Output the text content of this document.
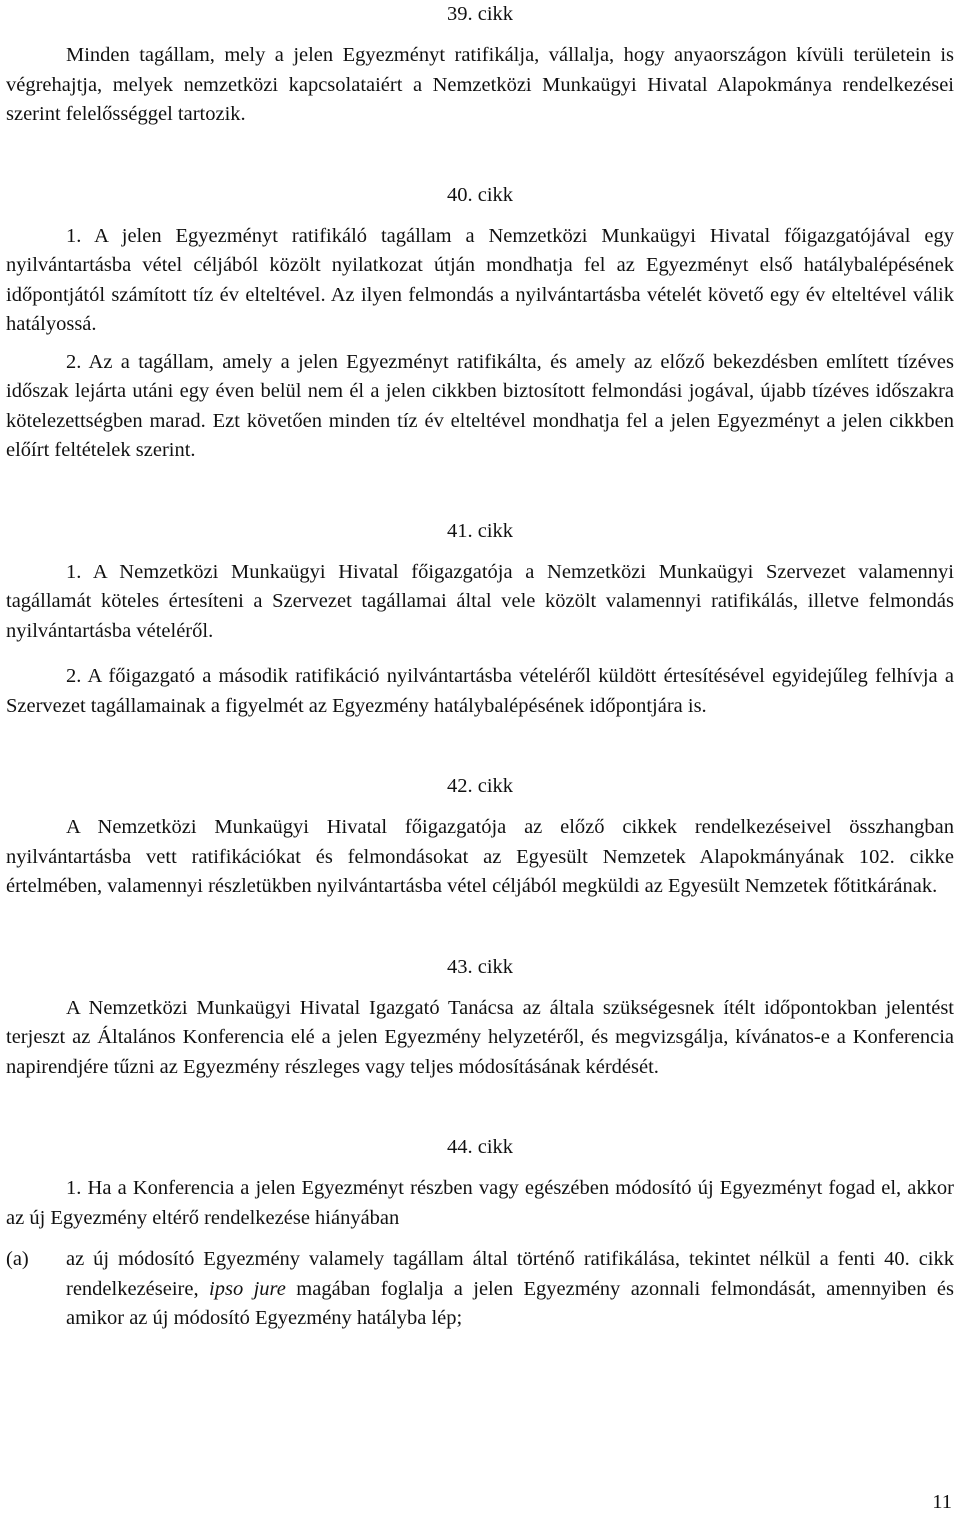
39. cikk

Minden tagállam, mely a jelen Egyezményt ratifikálja, vállalja, hogy anyaországon kívüli területein is végrehajtja, melyek nemzetközi kapcsolataiért a Nemzetközi Munkaügyi Hivatal Alapokmánya rendelkezései szerint felelősséggel tartozik.

40. cikk

1. A jelen Egyezményt ratifikáló tagállam a Nemzetközi Munkaügyi Hivatal főigazgatójával egy nyilvántartásba vétel céljából közölt nyilatkozat útján mondhatja fel az Egyezményt első hatálybalépésének időpontjától számított tíz év elteltével. Az ilyen felmondás a nyilvántartásba vételét követő egy év elteltével válik hatályossá.

2. Az a tagállam, amely a jelen Egyezményt ratifikálta, és amely az előző bekezdésben említett tízéves időszak lejárta utáni egy éven belül nem él a jelen cikkben biztosított felmondási jogával, újabb tízéves időszakra kötelezettségben marad. Ezt követően minden tíz év elteltével mondhatja fel a jelen Egyezményt a jelen cikkben előírt feltételek szerint.

41. cikk

1. A Nemzetközi Munkaügyi Hivatal főigazgatója a Nemzetközi Munkaügyi Szervezet valamennyi tagállamát köteles értesíteni a Szervezet tagállamai által vele közölt valamennyi ratifikálás, illetve felmondás nyilvántartásba vételéről.

2. A főigazgató a második ratifikáció nyilvántartásba vételéről küldött értesítésével egyidejűleg felhívja a Szervezet tagállamainak a figyelmét az Egyezmény hatálybalépésének időpontjára is.

42. cikk

A Nemzetközi Munkaügyi Hivatal főigazgatója az előző cikkek rendelkezéseivel összhangban nyilvántartásba vett ratifikációkat és felmondásokat az Egyesült Nemzetek Alapokmányának 102. cikke értelmében, valamennyi részletükben nyilvántartásba vétel céljából megküldi az Egyesült Nemzetek főtitkárának.

43. cikk

A Nemzetközi Munkaügyi Hivatal Igazgató Tanácsa az általa szükségesnek ítélt időpontokban jelentést terjeszt az Általános Konferencia elé a jelen Egyezmény helyzetéről, és megvizsgálja, kívánatos-e a Konferencia napirendjére tűzni az Egyezmény részleges vagy teljes módosításának kérdését.

44. cikk

1. Ha a Konferencia a jelen Egyezményt részben vagy egészében módosító új Egyezményt fogad el, akkor az új Egyezmény eltérő rendelkezése hiányában

(a)	az új módosító Egyezmény valamely tagállam által történő ratifikálása, tekintet nélkül a fenti 40. cikk rendelkezéseire, ipso jure magában foglalja a jelen Egyezmény azonnali felmondását, amennyiben és amikor az új módosító Egyezmény hatályba lép;
11
